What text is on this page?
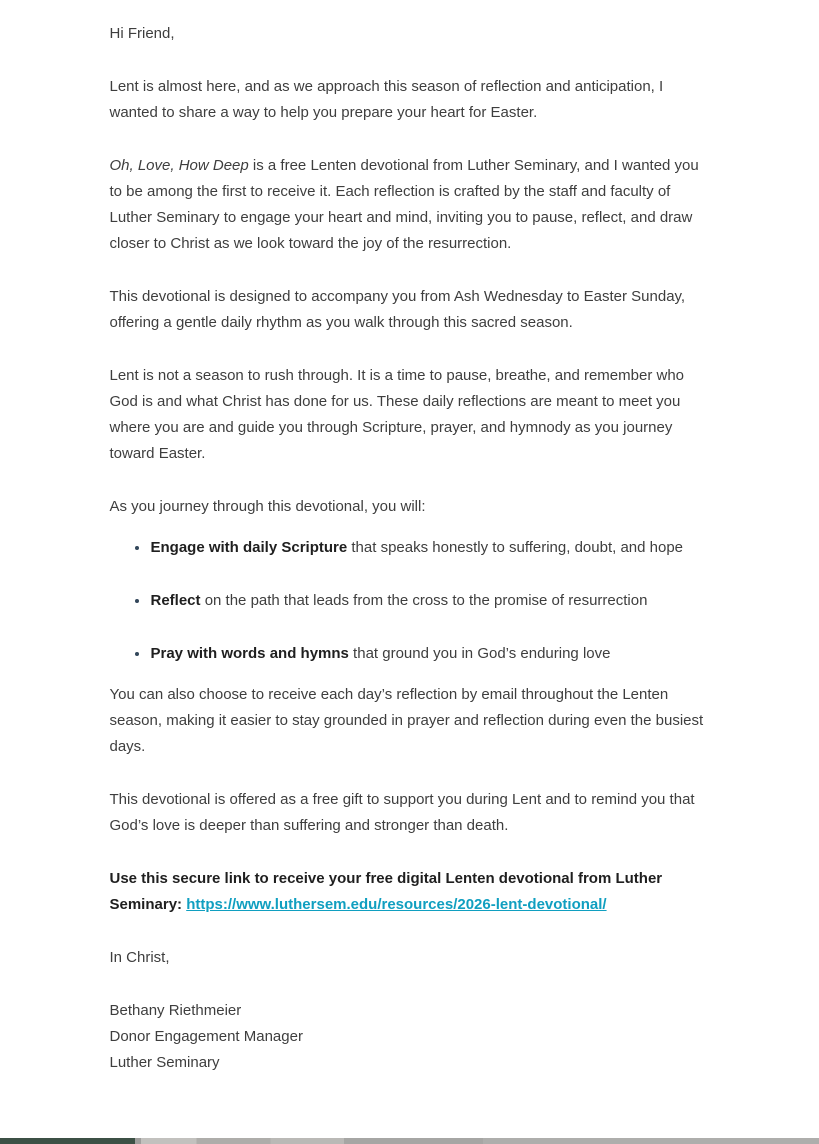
Hi Friend,

Lent is almost here, and as we approach this season of reflection and anticipation, I wanted to share a way to help you prepare your heart for Easter.

Oh, Love, How Deep is a free Lenten devotional from Luther Seminary, and I wanted you to be among the first to receive it. Each reflection is crafted by the staff and faculty of Luther Seminary to engage your heart and mind, inviting you to pause, reflect, and draw closer to Christ as we look toward the joy of the resurrection.

This devotional is designed to accompany you from Ash Wednesday to Easter Sunday, offering a gentle daily rhythm as you walk through this sacred season.

Lent is not a season to rush through. It is a time to pause, breathe, and remember who God is and what Christ has done for us. These daily reflections are meant to meet you where you are and guide you through Scripture, prayer, and hymnody as you journey toward Easter.

As you journey through this devotional, you will:

• Engage with daily Scripture that speaks honestly to suffering, doubt, and hope
• Reflect on the path that leads from the cross to the promise of resurrection
• Pray with words and hymns that ground you in God’s enduring love

You can also choose to receive each day’s reflection by email throughout the Lenten season, making it easier to stay grounded in prayer and reflection during even the busiest days.

This devotional is offered as a free gift to support you during Lent and to remind you that God’s love is deeper than suffering and stronger than death.

Use this secure link to receive your free digital Lenten devotional from Luther Seminary: https://www.luthersem.edu/resources/2026-lent-devotional/

In Christ,

Bethany Riethmeier

Donor Engagement Manager

Luther Seminary
